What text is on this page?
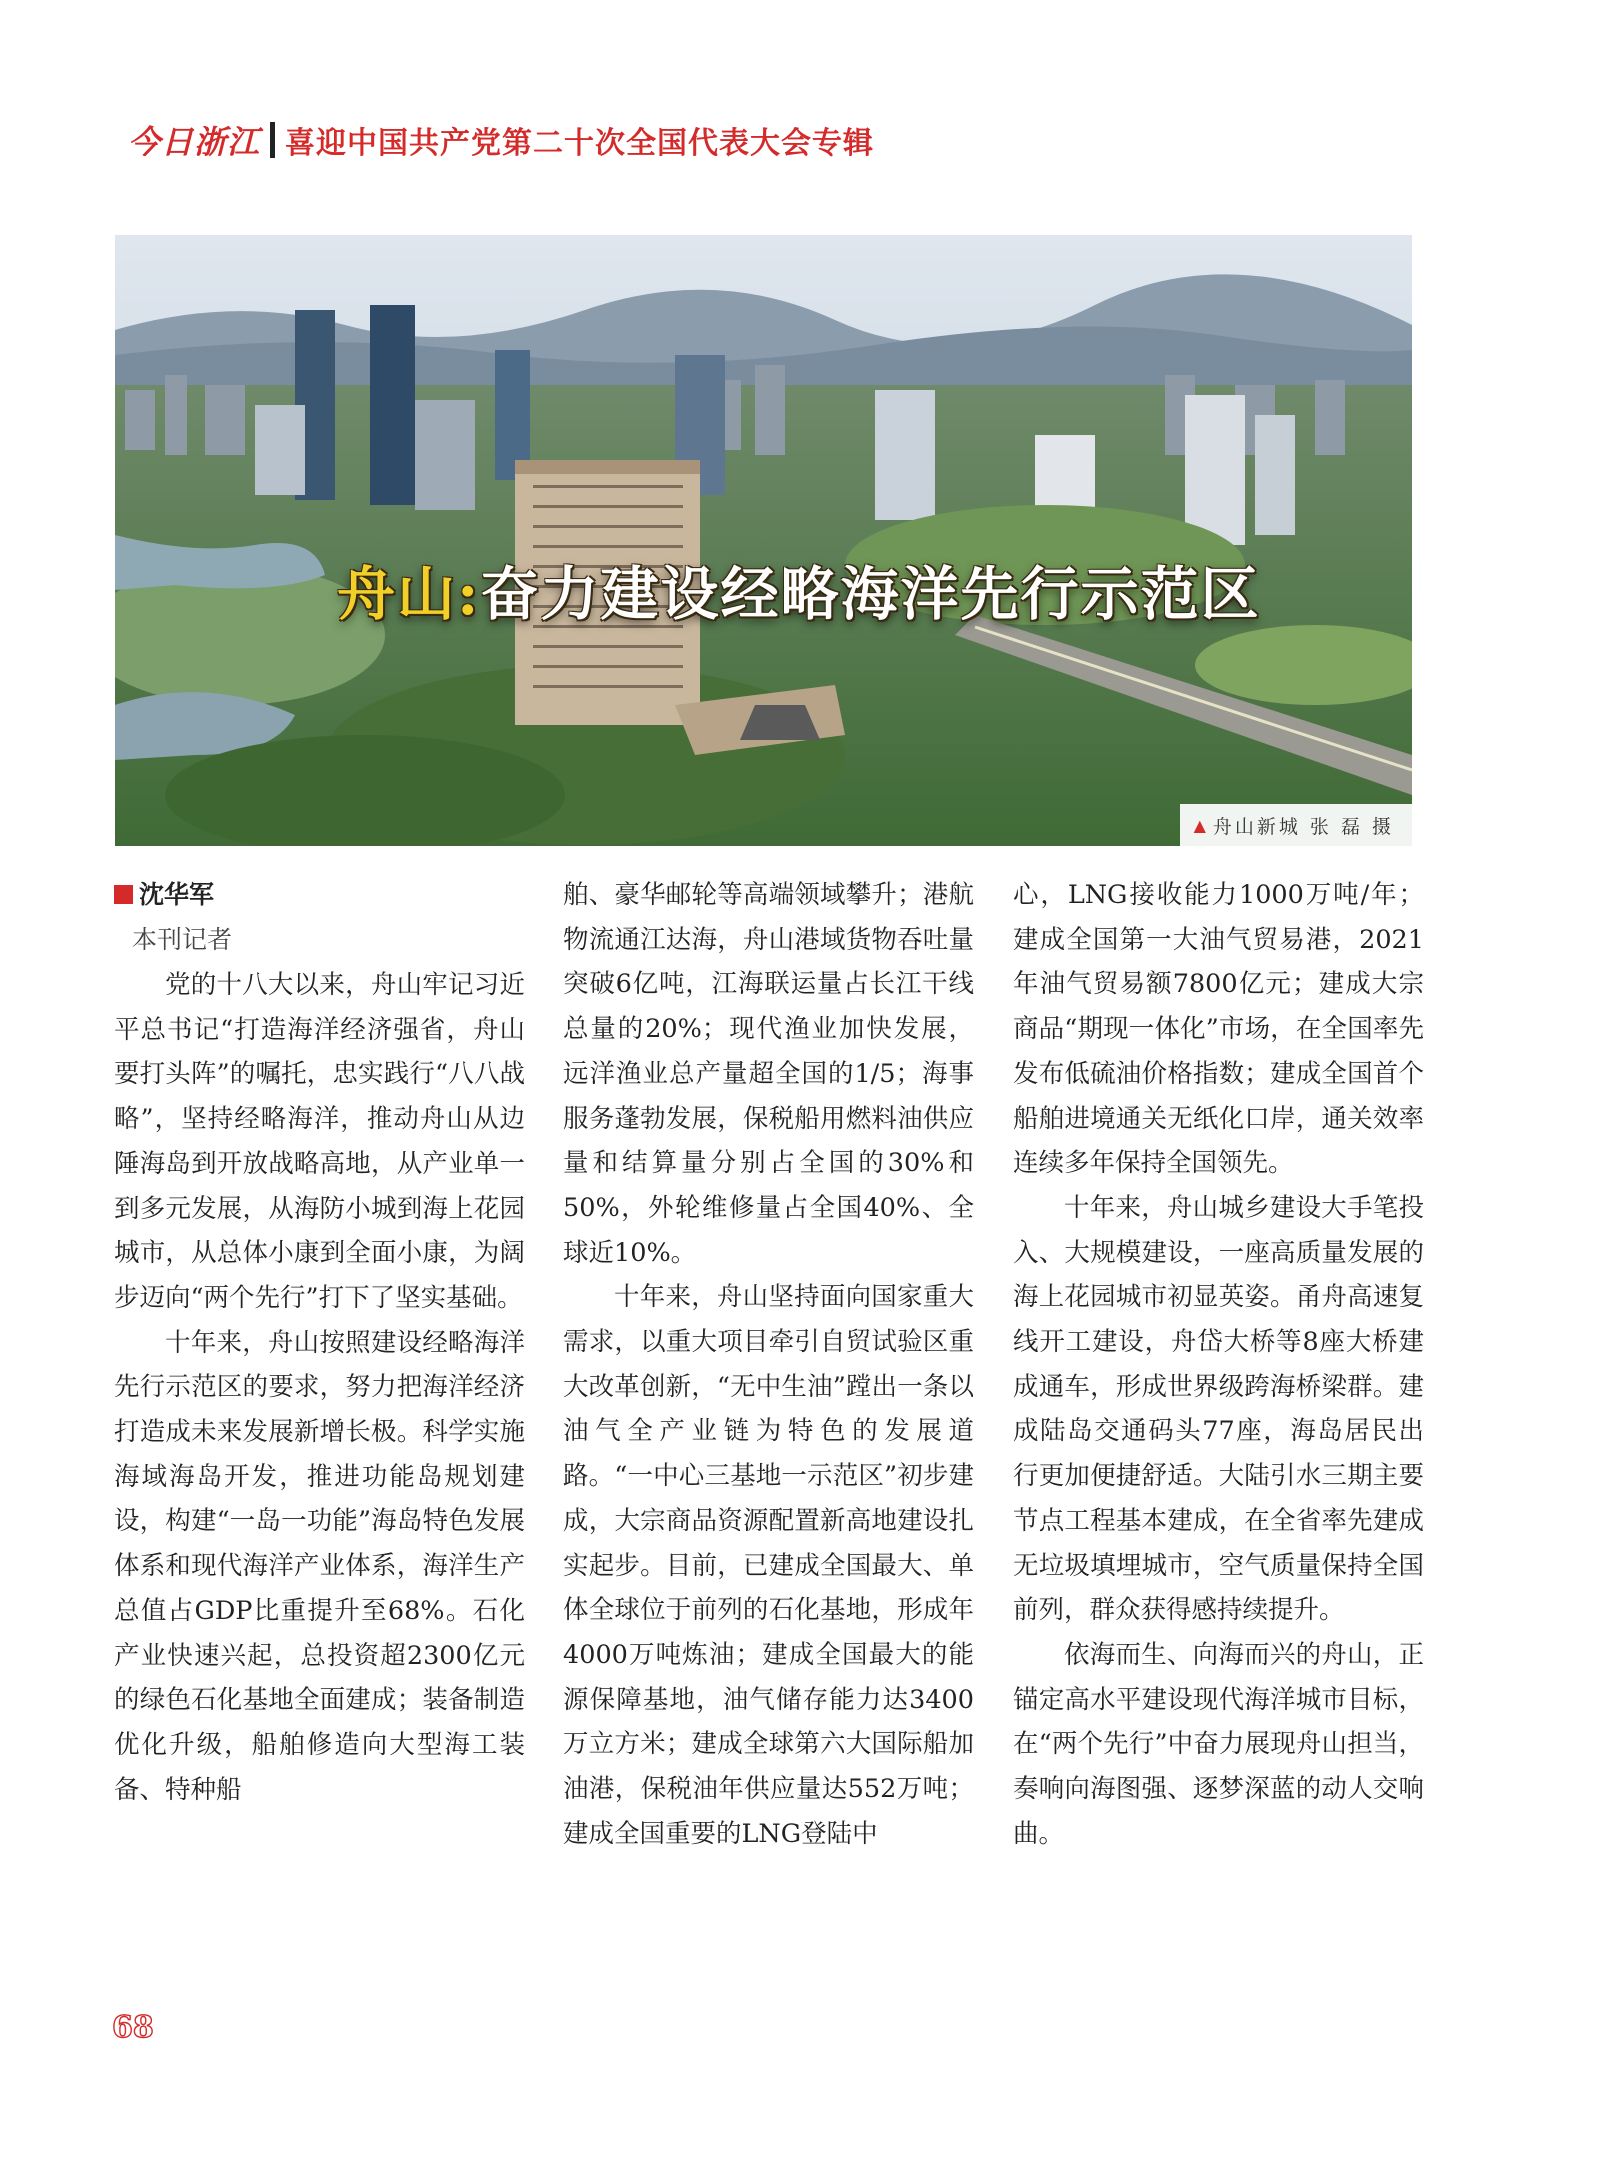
今日浙江 喜迎中国共产党第二十次全国代表大会专辑
舟山:奋力建设经略海洋先行示范区
▲ 舟山新城 张 磊 摄

沈华军

本刊记者

党的十八大以来，舟山牢记习近平总书记“打造海洋经济强省，舟山要打头阵”的嘱托，忠实践行“八八战略”，坚持经略海洋，推动舟山从边陲海岛到开放战略高地，从产业单一到多元发展，从海防小城到海上花园城市，从总体小康到全面小康，为阔步迈向“两个先行”打下了坚实基础。

十年来，舟山按照建设经略海洋先行示范区的要求，努力把海洋经济打造成未来发展新增长极。科学实施海域海岛开发，推进功能岛规划建设，构建“一岛一功能”海岛特色发展体系和现代海洋产业体系，海洋生产总值占GDP比重提升至68%。石化产业快速兴起，总投资超2300亿元的绿色石化基地全面建成；装备制造优化升级，船舶修造向大型海工装备、特种船

舶、豪华邮轮等高端领域攀升；港航物流通江达海，舟山港域货物吞吐量突破6亿吨，江海联运量占长江干线总量的20%；现代渔业加快发展，远洋渔业总产量超全国的1/5；海事服务蓬勃发展，保税船用燃料油供应量和结算量分别占全国的30%和50%，外轮维修量占全国40%、全球近10%。

十年来，舟山坚持面向国家重大需求，以重大项目牵引自贸试验区重大改革创新，“无中生油”蹚出一条以油气全产业链为特色的发展道路。“一中心三基地一示范区”初步建成，大宗商品资源配置新高地建设扎实起步。目前，已建成全国最大、单体全球位于前列的石化基地，形成年4000万吨炼油；建成全国最大的能源保障基地，油气储存能力达3400万立方米；建成全球第六大国际船加油港，保税油年供应量达552万吨；建成全国重要的LNG登陆中

心，LNG接收能力1000万吨/年；建成全国第一大油气贸易港，2021年油气贸易额7800亿元；建成大宗商品“期现一体化”市场，在全国率先发布低硫油价格指数；建成全国首个船舶进境通关无纸化口岸，通关效率连续多年保持全国领先。

十年来，舟山城乡建设大手笔投入、大规模建设，一座高质量发展的海上花园城市初显英姿。甬舟高速复线开工建设，舟岱大桥等8座大桥建成通车，形成世界级跨海桥梁群。建成陆岛交通码头77座，海岛居民出行更加便捷舒适。大陆引水三期主要节点工程基本建成，在全省率先建成无垃圾填埋城市，空气质量保持全国前列，群众获得感持续提升。

依海而生、向海而兴的舟山，正锚定高水平建设现代海洋城市目标，在“两个先行”中奋力展现舟山担当，奏响向海图强、逐梦深蓝的动人交响曲。

68
